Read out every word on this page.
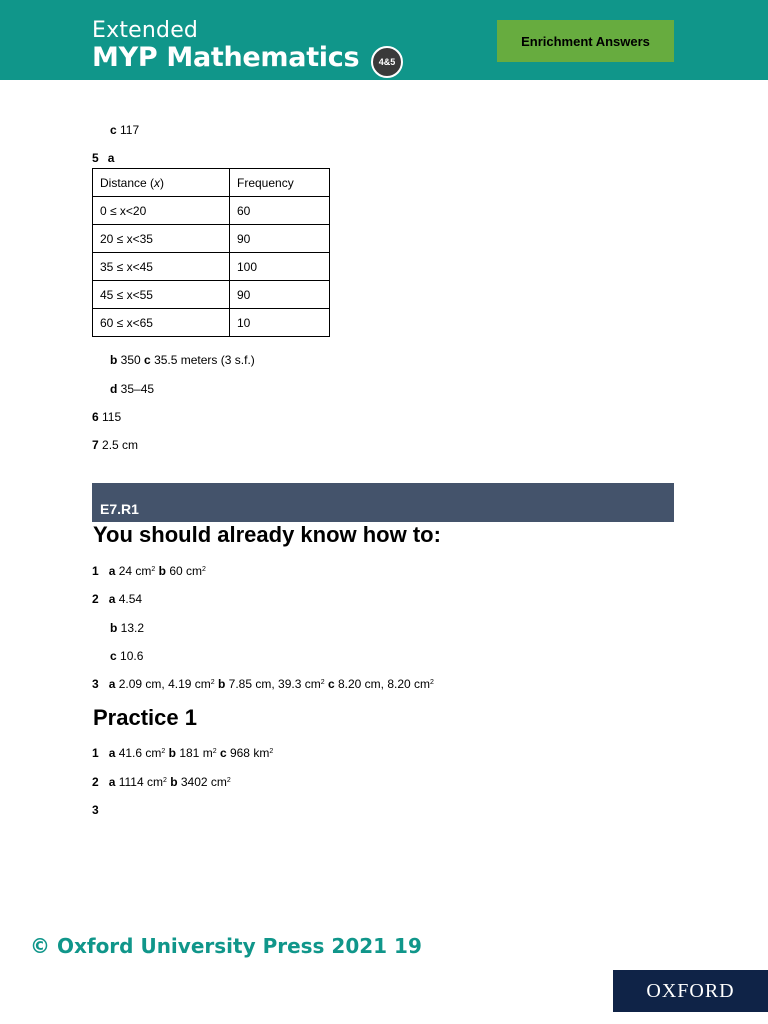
Extended
MYP Mathematics	4&5
Enrichment Answers
c 117
5 a
Distance (x)	Frequency
0 ≤ x<20	60
20 ≤ x<35	90
35 ≤ x<45	100
45 ≤ x<55	90
60 ≤ x<65	10
b 350 c 35.5 meters (3 s.f.)
d 35–45
6 115
7 2.5 cm
E7.R1
You should already know how to:
1 a 24 $cm^2$ b 60 $cm^2$
2 a 4.54
b 13.2
c 10.6
3 a 2.09 cm, 4.19 $cm^2$ b 7.85 cm, 39.3 $cm^2$ c 8.20 cm, 8.20 $cm^2$
Practice 1
1 a 41.6 $cm^2$ b 181 $m^2$ c 968 $km^2$
2 a 1114 $cm^2$ b 3402 $cm^2$
3
© Oxford University Press 2021 19
OXFORD
